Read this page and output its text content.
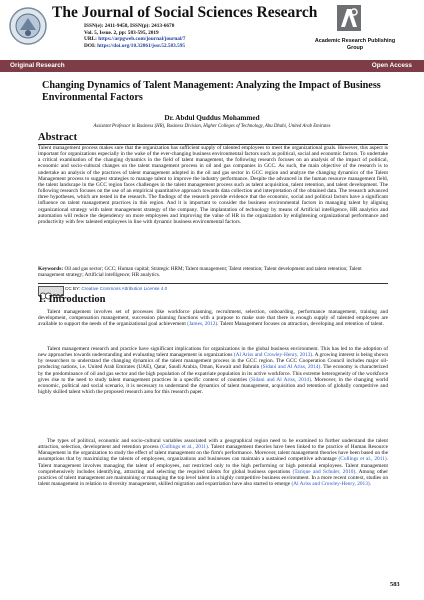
The Journal of Social Sciences Research
ISSN(e): 2411-9458, ISSN(p): 2413-6670
Vol. 5, Issue. 2, pp: 583-595, 2019
URL: https://arpgweb.com/journal/journal/7
DOI: https://doi.org/10.32861/jssr.52.583.595
Academic Research Publishing Group
Original Research	Open Access
Changing Dynamics of Talent Management: Analyzing the Impact of Business Environmental Factors
Dr. Abdul Quddus Mohammed
Assistant Professor in Business (HR), Business Division, Higher Colleges of Technology, Abu Dhabi, United Arab Emirates
Abstract

Talent management process makes sure that the organization has sufficient supply of talented employees to meet the organizational goals. However, this aspect is important for organizations especially in the wake of the ever-changing business environmental factors such as political, social and economic factors. To undertake a critical examination of the changing dynamics in the field of talent management, the following research focuses on an analysis of the impact of political, economic and socio-cultural changes on the talent management process in oil and gas companies in GCC. As such, the main objective of the research is to undertake an analysis of the practices of talent management adopted in the oil and gas sector in GCC region and analyze the changing dynamics of the Talent Management process to suggest strategies to manage talent to improve the industry performance. Despite the advanced in the human resource management field, the talent landscape in the GCC region faces challenges in the talent management process such as talent acquisition, talent retention, and talent development. The following research focuses on the use of an empirical quantitative approach towards data collection and interpretation of the obtained data. The research advanced three hypotheses, which are tested in the research. The findings of the research provide evidence that the economic, social and political factors have a significant influence on talent management practices in this region. And it is important to consider the business environmental factors in managing talent by aligning organizational strategy with talent management strategy of the company. The implantation of technology by means of Artificial intelligence, HR analytics and automation will reduce the dependency on more employees and improving the value of HR in the organization by enlightening organizational performance and productivity with few talented employees in line with dynamic business environmental factors.

Keywords: Oil and gas sector; GCC; Human capital; Strategic HRM; Talent management; Talent retention; Talent development and talent retention; Talent management strategy; Artificial intelligence; HR analytics.

CC
CC BY: Creative Commons Attribution License 4.0
1. Introduction

Talent management involves set of processes like workforce planning, recruitment, selection, onboarding, performance management, training and development, compensation management, succession planning functions with a purpose to make sure that there is enough supply of talented employees are available to support the needs of the organizational goal achievement (James, 2012). Talent Management focuses on attraction, developing and retention of talent.

Talent management research and practice have significant implications for organizations in the global business environment. This has led to the adoption of new approaches towards understanding and evaluating talent management in organizations (Al Ariss and Crowley-Henry, 2013). A growing interest is being shown by researchers to understand the changing dynamics of the talent management process in the GCC region. The GCC Cooperation Council includes major oil-producing nations, i.e. United Arab Emirates (UAE), Qatar, Saudi Arabia, Oman, Kuwait and Bahrain (Sidani and Al Ariss, 2014). The economy is characterized by the predominance of oil and gas sector and the high population of the expatriate population in its active workforce. This extreme heterogeneity of the workforce gives rise to the need to study talent management practices in a specific context of countries (Sidani and Al Ariss, 2014). Moreover, in the changing world economic, political and social scenario, it is necessary to understand the dynamics of talent management, acquisition and retention of globally competitive and highly skilled talent which the proposed research area for this research paper.

The types of political, economic and socio-cultural variables associated with a geographical region need to be examined to further understand the talent attraction, selection, development and retention process (Collings et al., 2011). Talent management theories have been linked to the practice of Human Resource Management in the organization to study the effect of talent management on the firm's performance. Moreover, talent management theories have been based on the assumptions that by maximizing the talents of employees, organizations and businesses can maintain a sustained competitive advantage (Collings et al., 2011). Talent management involves managing the talent of employees, not restricted only to the high performing or high potential employees. Talent management comprehensively includes identifying, attracting and selecting the required talents for global business operations (Tarique and Schuler, 2010). Among other practices of talent management are maintaining or managing the top level talent in a highly competitive business environment. In a more recent context, studies on talent management in relation to diversity management, skilled migration and expatriation have also started to emerge (Al Ariss and Crowley-Henry, 2013).

583
